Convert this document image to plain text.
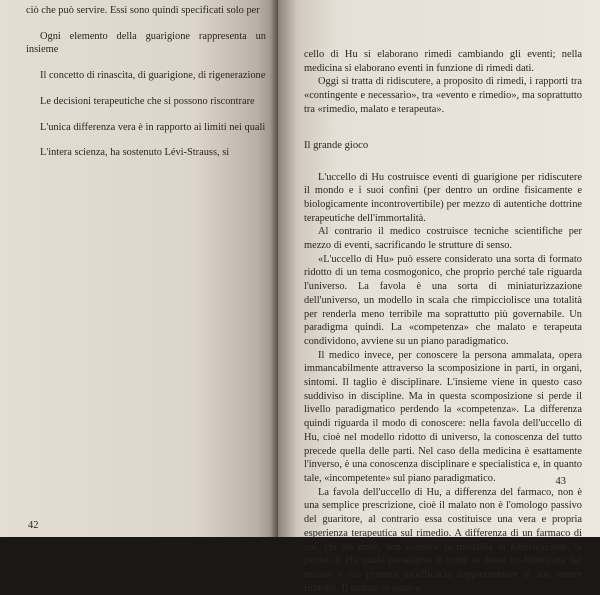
ciò che può servire. Essi sono quindi specificati solo per

Ogni elemento della guarigione rappresenta un insieme

Il concetto di rinascita, di guarigione, di rigenerazione

Le decisioni terapeutiche che si possono riscontrare

L'unica differenza vera è in rapporto ai limiti nei quali

L'intera scienza, ha sostenuto Lévi-Strauss, si

42

cello di Hu si elaborano rimedi cambiando gli eventi; nella medicina si elaborano eventi in funzione di rimedi dati.

Oggi si tratta di ridiscutere, a proposito di rimedi, i rapporti tra «contingente e necessario», tra «evento e rimedio», ma soprattutto tra «rimedio, malato e terapeuta».

Il grande gioco

L'uccello di Hu costruisce eventi di guarigione per ridiscutere il mondo e i suoi confini (per dentro un ordine fisicamente e biologicamente incontrovertibile) per mezzo di autentiche dottrine terapeutiche dell'immortalità.

Al contrario il medico costruisce tecniche scientifiche per mezzo di eventi, sacrificando le strutture di senso.

«L'uccello di Hu» può essere considerato una sorta di formato ridotto di un tema cosmogonico, che proprio perché tale riguarda l'universo. La favola è una sorta di miniaturizzazione dell'universo, un modello in scala che rimpicciolisce una totalità per renderla meno terribile ma soprattutto più governabile. Un paradigma quindi. La «competenza» che malato e terapeuta condividono, avviene su un piano paradigmatico.

Il medico invece, per conoscere la persona ammalata, opera immancabilmente attraverso la scomposizione in parti, in organi, sintomi. Il taglio è disciplinare. L'insieme viene in questo caso suddiviso in discipline. Ma in questa scomposizione si perde il livello paradigmatico perdendo la «competenza». La differenza quindi riguarda il modo di conoscere: nella favola dell'uccello di Hu, cioè nel modello ridotto di universo, la conoscenza del tutto precede quella delle parti. Nel caso della medicina è esattamente l'inverso, è una conoscenza disciplinare e specialistica e, in quanto tale, «incompetente» sul piano paradigmatico.

La favola dell'uccello di Hu, a differenza del farmaco, non è una semplice prescrizione, cioè il malato non è l'omologo passivo del guaritore, al contrario essa costituisce una vera e propria esperienza terapeutica sul rimedio. A differenza di un farmaco di cui, chi sta male, non conosce la modalità di fabbricazione, la penna di Hu quale paradigma è come se fosse co-fabbricata dal malato e ciò procura un'efficacia supplementare al suo essere rimedio. Il malato in pratica

43
